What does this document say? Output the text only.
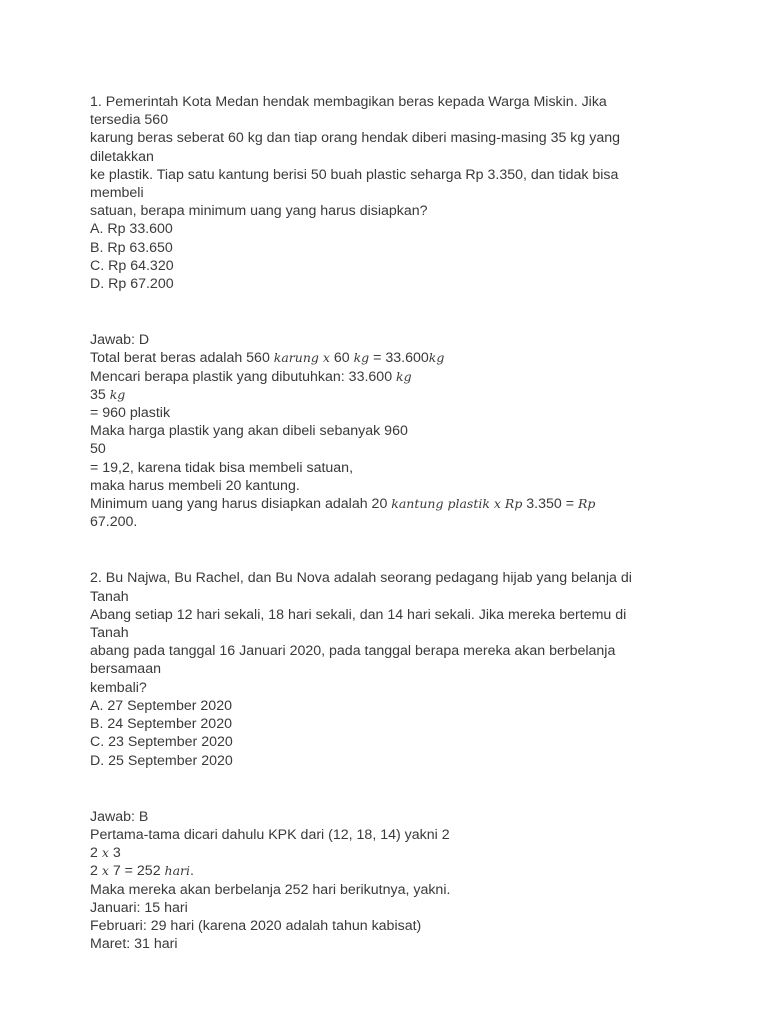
1. Pemerintah Kota Medan hendak membagikan beras kepada Warga Miskin. Jika
tersedia 560
karung beras seberat 60 kg dan tiap orang hendak diberi masing-masing 35 kg yang
diletakkan
ke plastik. Tiap satu kantung berisi 50 buah plastic seharga Rp 3.350, dan tidak bisa
membeli
satuan, berapa minimum uang yang harus disiapkan?
A. Rp 33.600
B. Rp 63.650
C. Rp 64.320
D. Rp 67.200
Jawab: D
Total berat beras adalah 560 karung x 60 kg = 33.600kg
Mencari berapa plastik yang dibutuhkan: 33.600 kg
35 kg
= 960 plastik
Maka harga plastik yang akan dibeli sebanyak 960
50
= 19,2, karena tidak bisa membeli satuan,
maka harus membeli 20 kantung.
Minimum uang yang harus disiapkan adalah 20 kantung plastik x Rp 3.350 = Rp
67.200.
2. Bu Najwa, Bu Rachel, dan Bu Nova adalah seorang pedagang hijab yang belanja di
Tanah
Abang setiap 12 hari sekali, 18 hari sekali, dan 14 hari sekali. Jika mereka bertemu di
Tanah
abang pada tanggal 16 Januari 2020, pada tanggal berapa mereka akan berbelanja
bersamaan
kembali?
A. 27 September 2020
B. 24 September 2020
C. 23 September 2020
D. 25 September 2020
Jawab: B
Pertama-tama dicari dahulu KPK dari (12, 18, 14) yakni 2
2 x 3
2 x 7 = 252 hari.
Maka mereka akan berbelanja 252 hari berikutnya, yakni.
Januari: 15 hari
Februari: 29 hari (karena 2020 adalah tahun kabisat)
Maret: 31 hari
